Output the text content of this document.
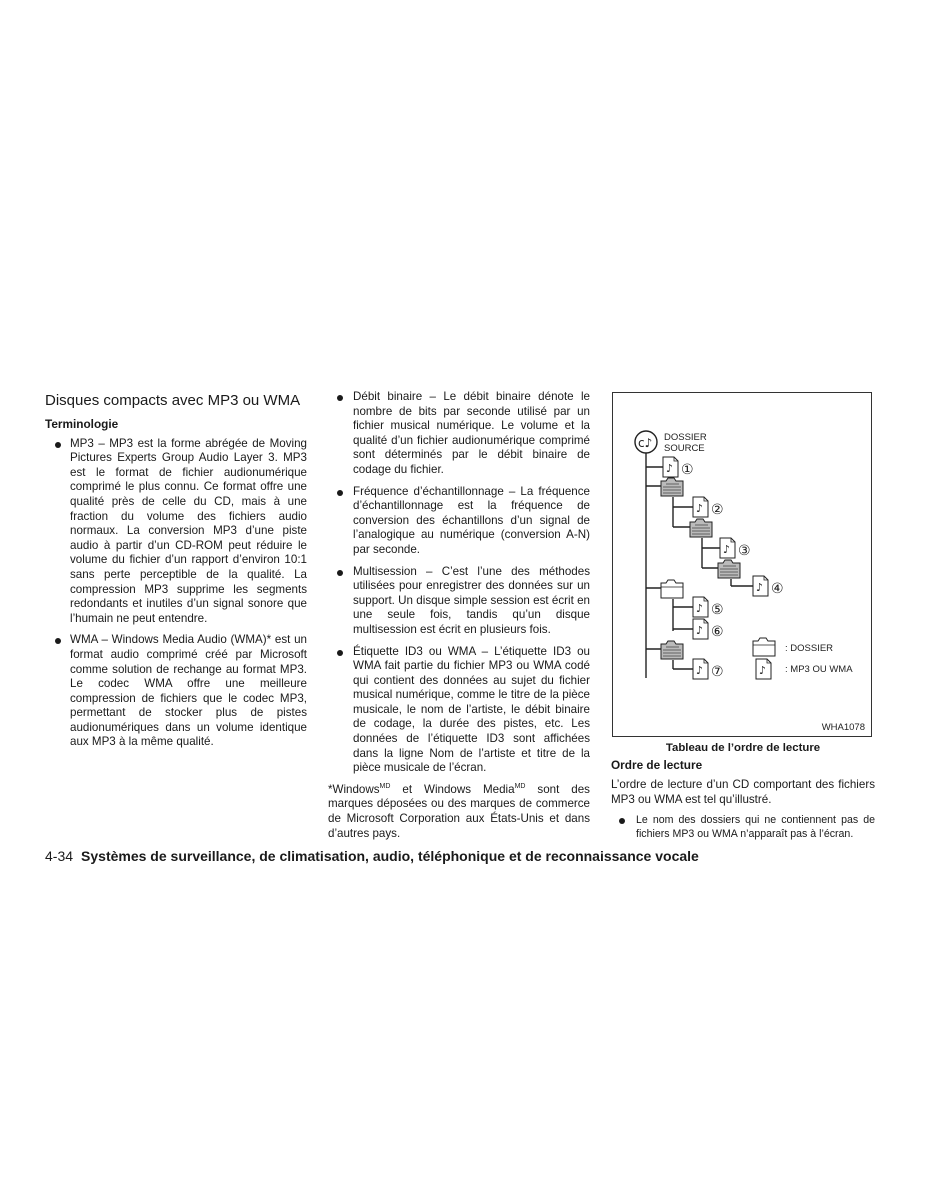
Disques compacts avec MP3 ou WMA
Terminologie
MP3 – MP3 est la forme abrégée de Moving Pictures Experts Group Audio Layer 3. MP3 est le format de fichier audionumérique comprimé le plus connu. Ce format offre une qualité près de celle du CD, mais à une fraction du volume des fichiers audio normaux. La conversion MP3 d’une piste audio à partir d’un CD-ROM peut réduire le volume du fichier d’un rapport d’environ 10:1 sans perte perceptible de la qualité. La compression MP3 supprime les segments redondants et inutiles d’un signal sonore que l’humain ne peut entendre.
WMA – Windows Media Audio (WMA)* est un format audio comprimé créé par Microsoft comme solution de rechange au format MP3. Le codec WMA offre une meilleure compression de fichiers que le codec MP3, permettant de stocker plus de pistes audionumériques dans un volume identique aux MP3 à la même qualité.
Débit binaire – Le débit binaire dénote le nombre de bits par seconde utilisé par un fichier musical numérique. Le volume et la qualité d’un fichier audionumérique comprimé sont déterminés par le débit binaire de codage du fichier.
Fréquence d’échantillonnage – La fréquence d’échantillonnage est la fréquence de conversion des échantillons d’un signal de l’analogique au numérique (conversion A-N) par seconde.
Multisession – C’est l’une des méthodes utilisées pour enregistrer des données sur un support. Un disque simple session est écrit en une seule fois, tandis qu’un disque multisession est écrit en plusieurs fois.
Étiquette ID3 ou WMA – L’étiquette ID3 ou WMA fait partie du fichier MP3 ou WMA codé qui contient des données au sujet du fichier musical numérique, comme le titre de la pièce musicale, le nom de l’artiste, le débit binaire de codage, la durée des pistes, etc. Les données de l’étiquette ID3 sont affichées dans la ligne Nom de l’artiste et titre de la pièce musicale de l’écran.

*Windows$^{MD}$ et Windows Media$^{MD}$ sont des marques déposées ou des marques de commerce de Microsoft Corporation aux États-Unis et dans d’autres pays.

♪
c♪ DOSSIER
SOURCE
①
②
③
④
⑤
⑥
⑦
: DOSSIER
: MP3 OU WMA
WHA1078
Tableau de l’ordre de lecture
Ordre de lecture

L’ordre de lecture d’un CD comportant des fichiers MP3 ou WMA est tel qu’illustré.

Le nom des dossiers qui ne contiennent pas de fichiers MP3 ou WMA n’apparaît pas à l’écran.
4-34 Systèmes de surveillance, de climatisation, audio, téléphonique et de reconnaissance vocale
